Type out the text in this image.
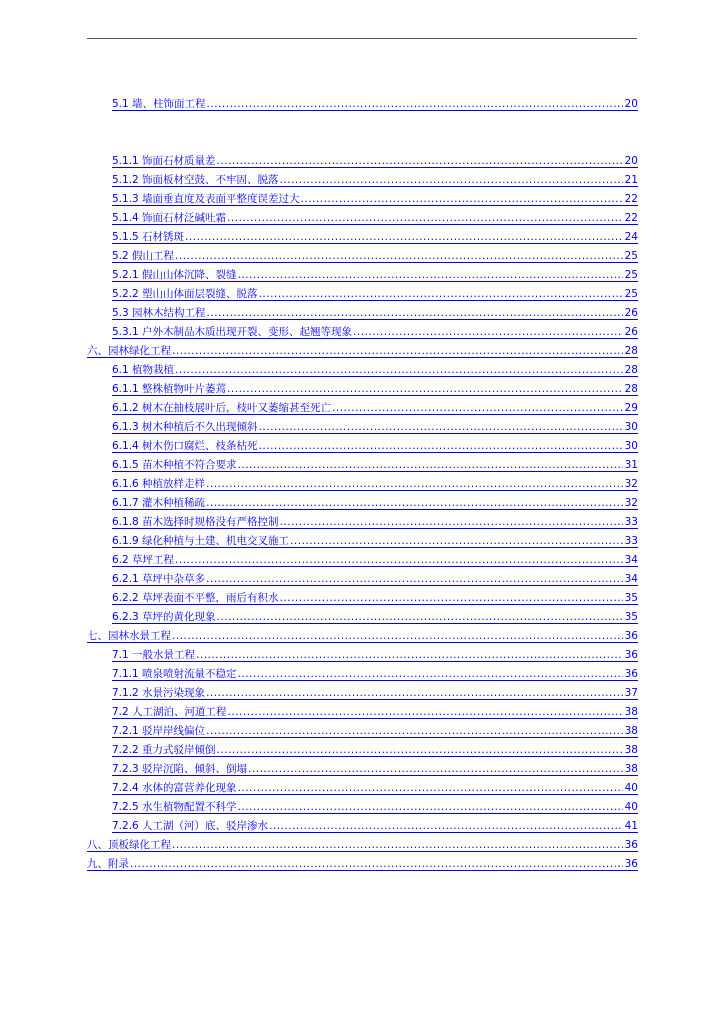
5.1 墙、柱饰面工程 .....	20
5.1.1 饰面石材质量差 .....	20
5.1.2 饰面板材空鼓、不牢固、脱落 .....	21
5.1.3 墙面垂直度及表面平整度误差过大 .....	22
5.1.4 饰面石材泛碱吐霜 .....	22
5.1.5 石材锈斑 .....	24
5.2 假山工程 .....	25
5.2.1 假山山体沉降、裂缝 .....	25
5.2.2 塑山山体面层裂缝、脱落 .....	25
5.3 园林木结构工程 .....	26
5.3.1 户外木制品木质出现开裂、变形、起翘等现象 .....	26
六、园林绿化工程 .....	28
6.1 植物栽植 .....	28
6.1.1 整株植物叶片萎蔫 .....	28
6.1.2 树木在抽枝展叶后，枝叶又萎缩甚至死亡 .....	29
6.1.3 树木种植后不久出现倾斜 .....	30
6.1.4 树木伤口腐烂、枝条枯死 .....	30
6.1.5 苗木种植不符合要求 .....	31
6.1.6 种植放样走样 .....	32
6.1.7 灌木种植稀疏 .....	32
6.1.8 苗木选择时规格没有严格控制 .....	33
6.1.9 绿化种植与土建、机电交叉施工 .....	33
6.2 草坪工程 .....	34
6.2.1 草坪中杂草多 .....	34
6.2.2 草坪表面不平整，雨后有积水 .....	35
6.2.3 草坪的黄化现象 .....	35
七、园林水景工程 .....	36
7.1 一般水景工程 .....	36
7.1.1 喷泉喷射流量不稳定 .....	36
7.1.2 水景污染现象 .....	37
7.2 人工湖泊、河道工程 .....	38
7.2.1 驳岸岸线偏位 .....	38
7.2.2 重力式驳岸倾倒 .....	38
7.2.3 驳岸沉陷、倾斜、倒塌 .....	38
7.2.4 水体的富营养化现象 .....	40
7.2.5 水生植物配置不科学 .....	40
7.2.6 人工湖（河）底、驳岸渗水 .....	41
八、顶板绿化工程 .....	36
九、附录 .....	36
